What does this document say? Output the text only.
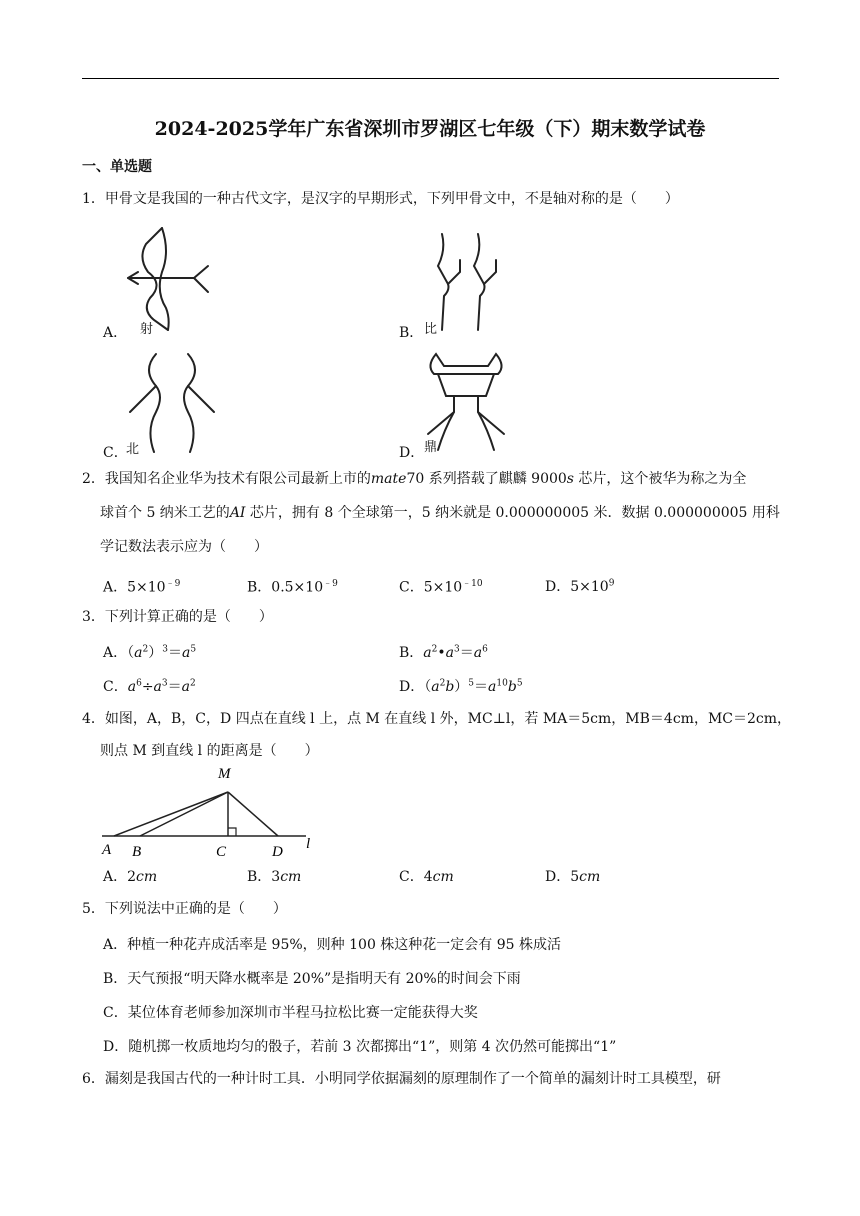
2024-2025学年广东省深圳市罗湖区七年级（下）期末数学试卷
一、单选题
1．甲骨文是我国的一种古代文字，是汉字的早期形式，下列甲骨文中，不是轴对称的是（　　）
A． 射	B． 比
C．
北	D． 鼎
2．我国知名企业华为技术有限公司最新上市的mate70 系列搭载了麒麟 9000s 芯片，这个被华为称之为全
球首个 5 纳米工艺的AI 芯片，拥有 8 个全球第一，5 纳米就是 0.000000005 米．数据 0.000000005 用科
学记数法表示应为（　　）
A．$5\times 10^{﹣9}$	B．$0.5\times 10^{﹣9}$	C．$5\times 10^{﹣10}$	D．$5\times 10^9$
3．下列计算正确的是（　　）
A．$(a^2)^3=a^5$	B．$a^2•a^3=a^6$
C．$a^6\div a^3=a^2$	D．$(a^2b)^5=a^{10}b^5$
4．如图，A，B，C，D 四点在直线 l 上，点 M 在直线 l 外，MC⊥l，若 MA＝5cm，MB＝4cm，MC＝2cm，
则点 M 到直线 l 的距离是（　　）
M
A B	C	D l
A．2cm	B．3cm	C．4cm	D．5cm
5．下列说法中正确的是（　　）
A．种植一种花卉成活率是 95%，则种 100 株这种花一定会有 95 株成活
B．天气预报“明天降水概率是 20%”是指明天有 20%的时间会下雨
C．某位体育老师参加深圳市半程马拉松比赛一定能获得大奖
D．随机掷一枚质地均匀的骰子，若前 3 次都掷出“1”，则第 4 次仍然可能掷出“1”
6．漏刻是我国古代的一种计时工具．小明同学依据漏刻的原理制作了一个简单的漏刻计时工具模型，研
